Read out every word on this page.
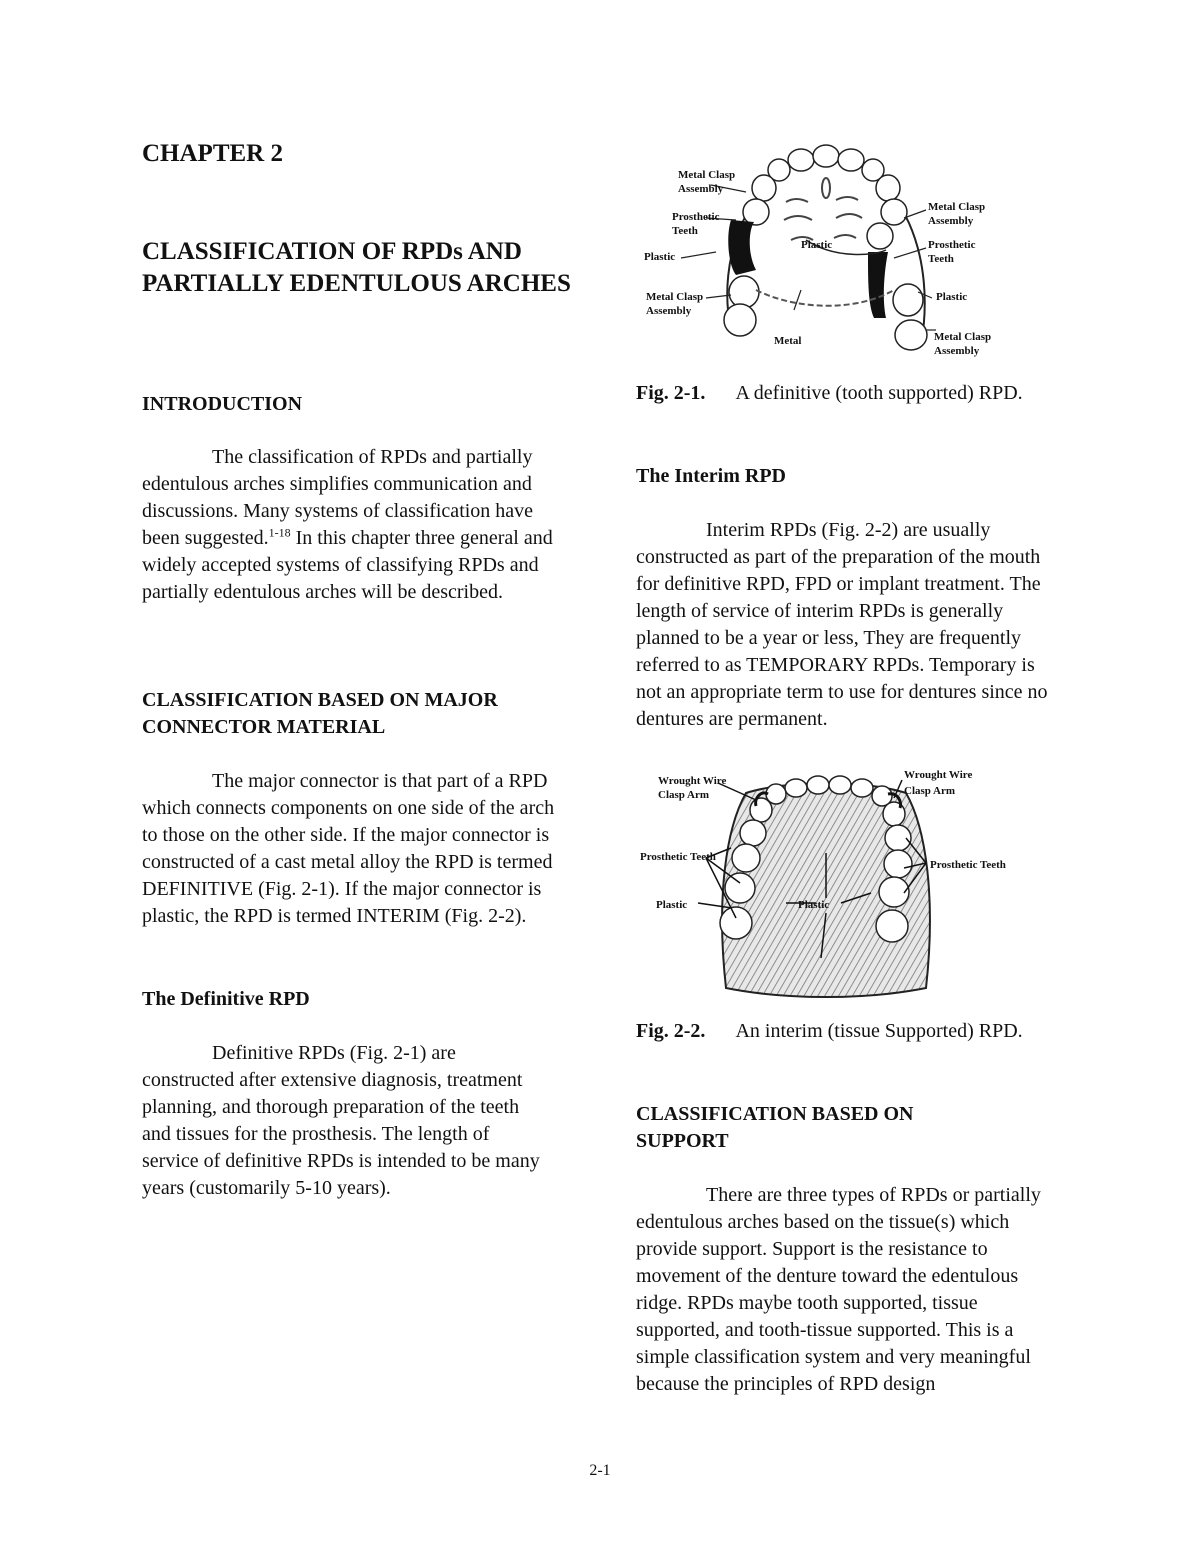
CHAPTER 2
CLASSIFICATION OF RPDs AND PARTIALLY EDENTULOUS ARCHES
INTRODUCTION

The classification of RPDs and partially edentulous arches simplifies communication and discussions. Many systems of classification have been suggested.$^{1-18}$ In this chapter three general and widely accepted systems of classifying RPDs and partially edentulous arches will be described.

CLASSIFICATION BASED ON MAJOR
CONNECTOR MATERIAL

The major connector is that part of a RPD which connects components on one side of the arch to those on the other side. If the major connector is constructed of a cast metal alloy the RPD is termed DEFINITIVE (Fig. 2-1). If the major connector is plastic, the RPD is termed INTERIM (Fig. 2-2).

The Definitive RPD

Definitive RPDs (Fig. 2-1) are constructed after extensive diagnosis, treatment planning, and thorough preparation of the teeth and tissues for the prosthesis. The length of service of definitive RPDs is intended to be many years (customarily 5-10 years).

Metal Clasp
Assembly
Prosthetic
Teeth
Plastic
Metal Clasp
Assembly
Metal
Plastic
Metal Clasp
Assembly
Prosthetic
Teeth
Plastic
Metal Clasp
Assembly
Fig. 2-1. A definitive (tooth supported) RPD.
The Interim RPD

Interim RPDs (Fig. 2-2) are usually constructed as part of the preparation of the mouth for definitive RPD, FPD or implant treatment. The length of service of interim RPDs is generally planned to be a year or less, They are frequently referred to as TEMPORARY RPDs. Temporary is not an appropriate term to use for dentures since no dentures are permanent.

Wrought Wire
Clasp Arm
Wrought Wire
Clasp Arm
Prosthetic Teeth
Prosthetic Teeth
Plastic	Plastic
Fig. 2-2. An interim (tissue Supported) RPD.
CLASSIFICATION BASED ON
SUPPORT

There are three types of RPDs or partially edentulous arches based on the tissue(s) which provide support. Support is the resistance to movement of the denture toward the edentulous ridge. RPDs maybe tooth supported, tissue supported, and tooth-tissue supported. This is a simple classification system and very meaningful because the principles of RPD design

2-1
